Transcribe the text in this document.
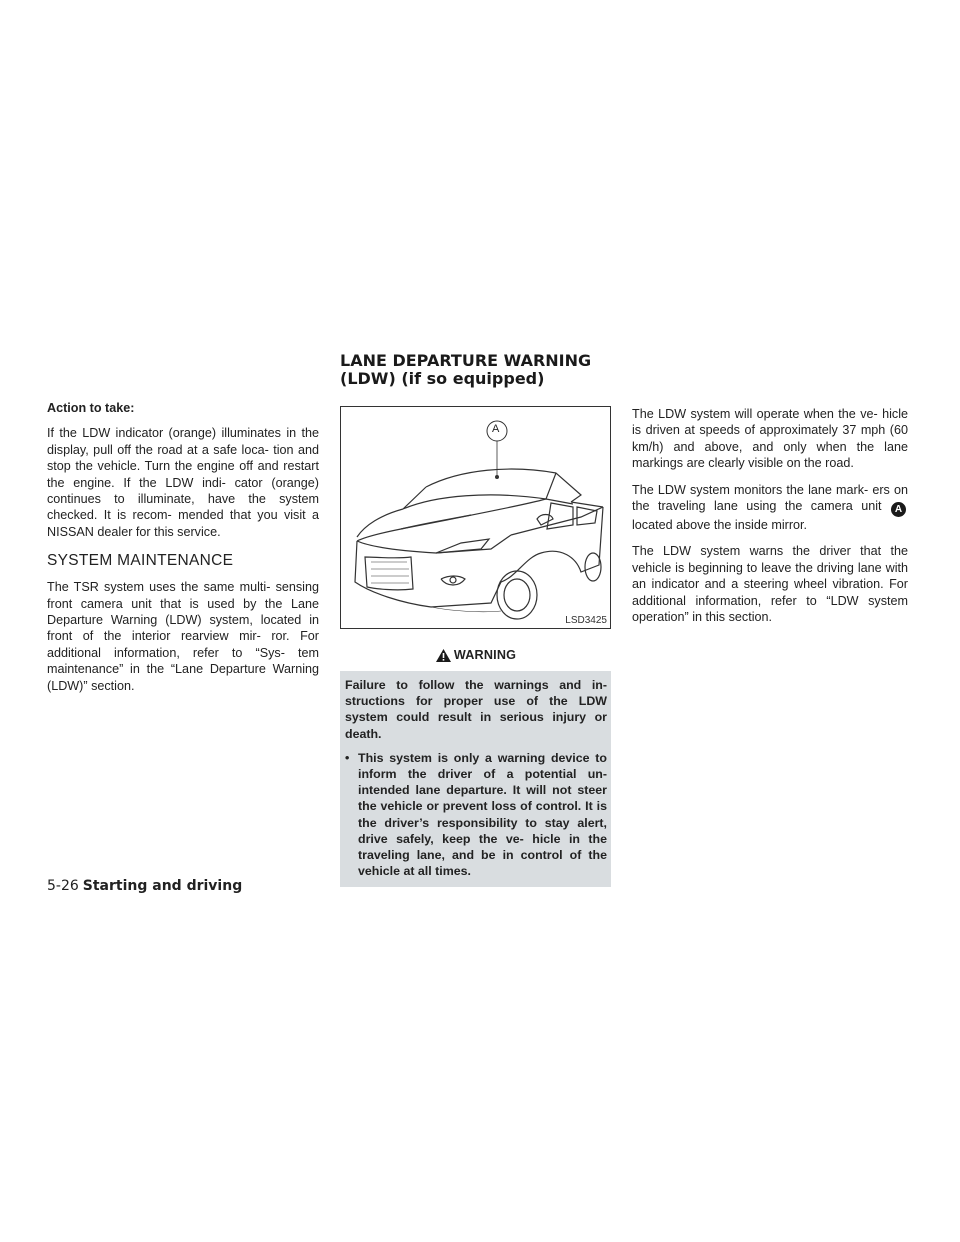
LANE DEPARTURE WARNING (LDW) (if so equipped)

Action to take:

If the LDW indicator (orange) illuminates in the display, pull off the road at a safe loca- tion and stop the vehicle. Turn the engine off and restart the engine. If the LDW indi- cator (orange) continues to illuminate, have the system checked. It is recom- mended that you visit a NISSAN dealer for this service.

SYSTEM MAINTENANCE

The TSR system uses the same multi- sensing front camera unit that is used by the Lane Departure Warning (LDW) system, located in front of the interior rearview mir- ror. For additional information, refer to “Sys- tem maintenance” in the “Lane Departure Warning (LDW)” section.

A
LSD3425
WARNING

Failure to follow the warnings and in- structions for proper use of the LDW system could result in serious injury or death.

• This system is only a warning device to inform the driver of a potential un- intended lane departure. It will not steer the vehicle or prevent loss of control. It is the driver’s responsibility to stay alert, drive safely, keep the ve- hicle in the traveling lane, and be in control of the vehicle at all times.

The LDW system will operate when the ve- hicle is driven at speeds of approximately 37 mph (60 km/h) and above, and only when the lane markings are clearly visible on the road.

The LDW system monitors the lane mark- ers on the traveling lane using the camera unit A located above the inside mirror.

The LDW system warns the driver that the vehicle is beginning to leave the driving lane with an indicator and a steering wheel vibration. For additional information, refer to “LDW system operation” in this section.

5-26 Starting and driving
